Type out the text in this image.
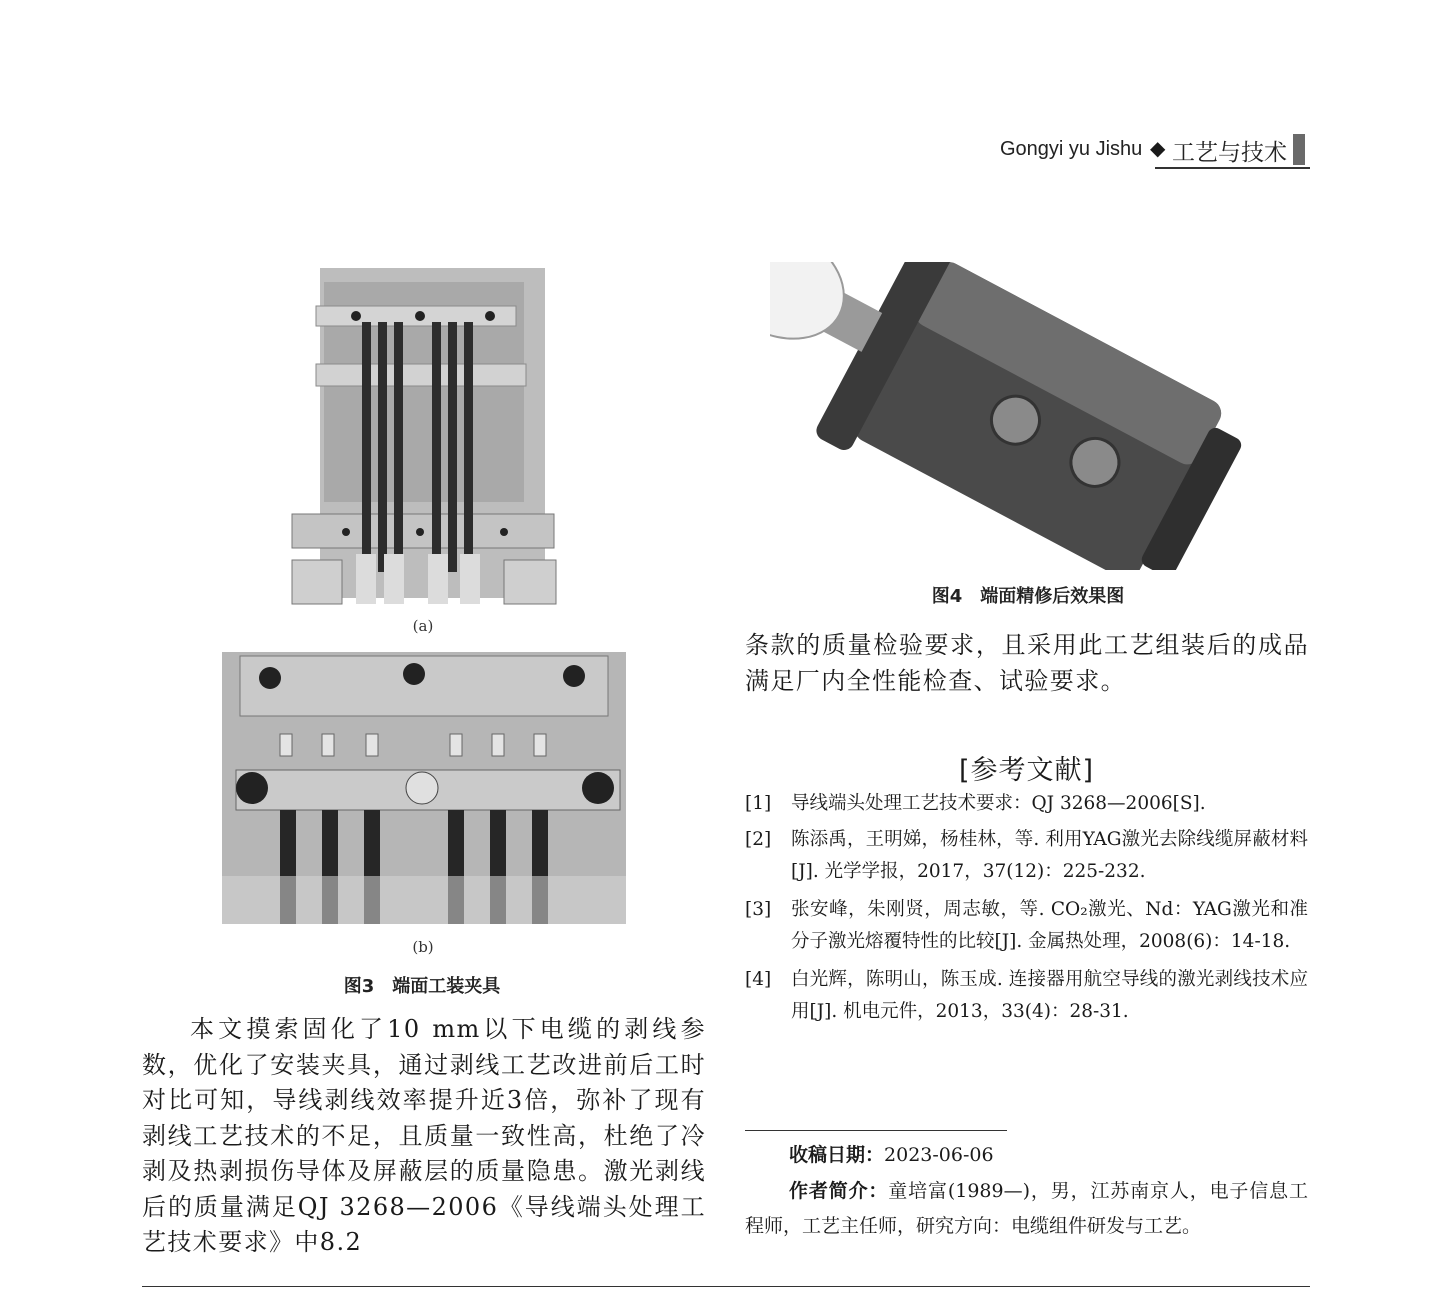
Gongyi yu Jishu ◆ 工艺与技术
(a)
(b)
图3　端面工装夹具
图4　端面精修后效果图

本文摸索固化了10 mm以下电缆的剥线参数，优化了安装夹具，通过剥线工艺改进前后工时对比可知，导线剥线效率提升近3倍，弥补了现有剥线工艺技术的不足，且质量一致性高，杜绝了冷剥及热剥损伤导体及屏蔽层的质量隐患。激光剥线后的质量满足QJ 3268—2006《导线端头处理工艺技术要求》中8.2

条款的质量检验要求，且采用此工艺组装后的成品满足厂内全性能检查、试验要求。

[参考文献]
[1] 导线端头处理工艺技术要求：QJ 3268—2006[S].
[2] 陈添禹，王明娣，杨桂林，等. 利用YAG激光去除线缆屏蔽材料[J]. 光学学报，2017，37(12)：225-232.
[3] 张安峰，朱刚贤，周志敏，等. CO₂激光、Nd：YAG激光和准分子激光熔覆特性的比较[J]. 金属热处理，2008(6)：14-18.
[4] 白光辉，陈明山，陈玉成. 连接器用航空导线的激光剥线技术应用[J]. 机电元件，2013，33(4)：28-31.
收稿日期：2023-06-06
作者简介：童培富(1989—)，男，江苏南京人，电子信息工程师，工艺主任师，研究方向：电缆组件研发与工艺。
